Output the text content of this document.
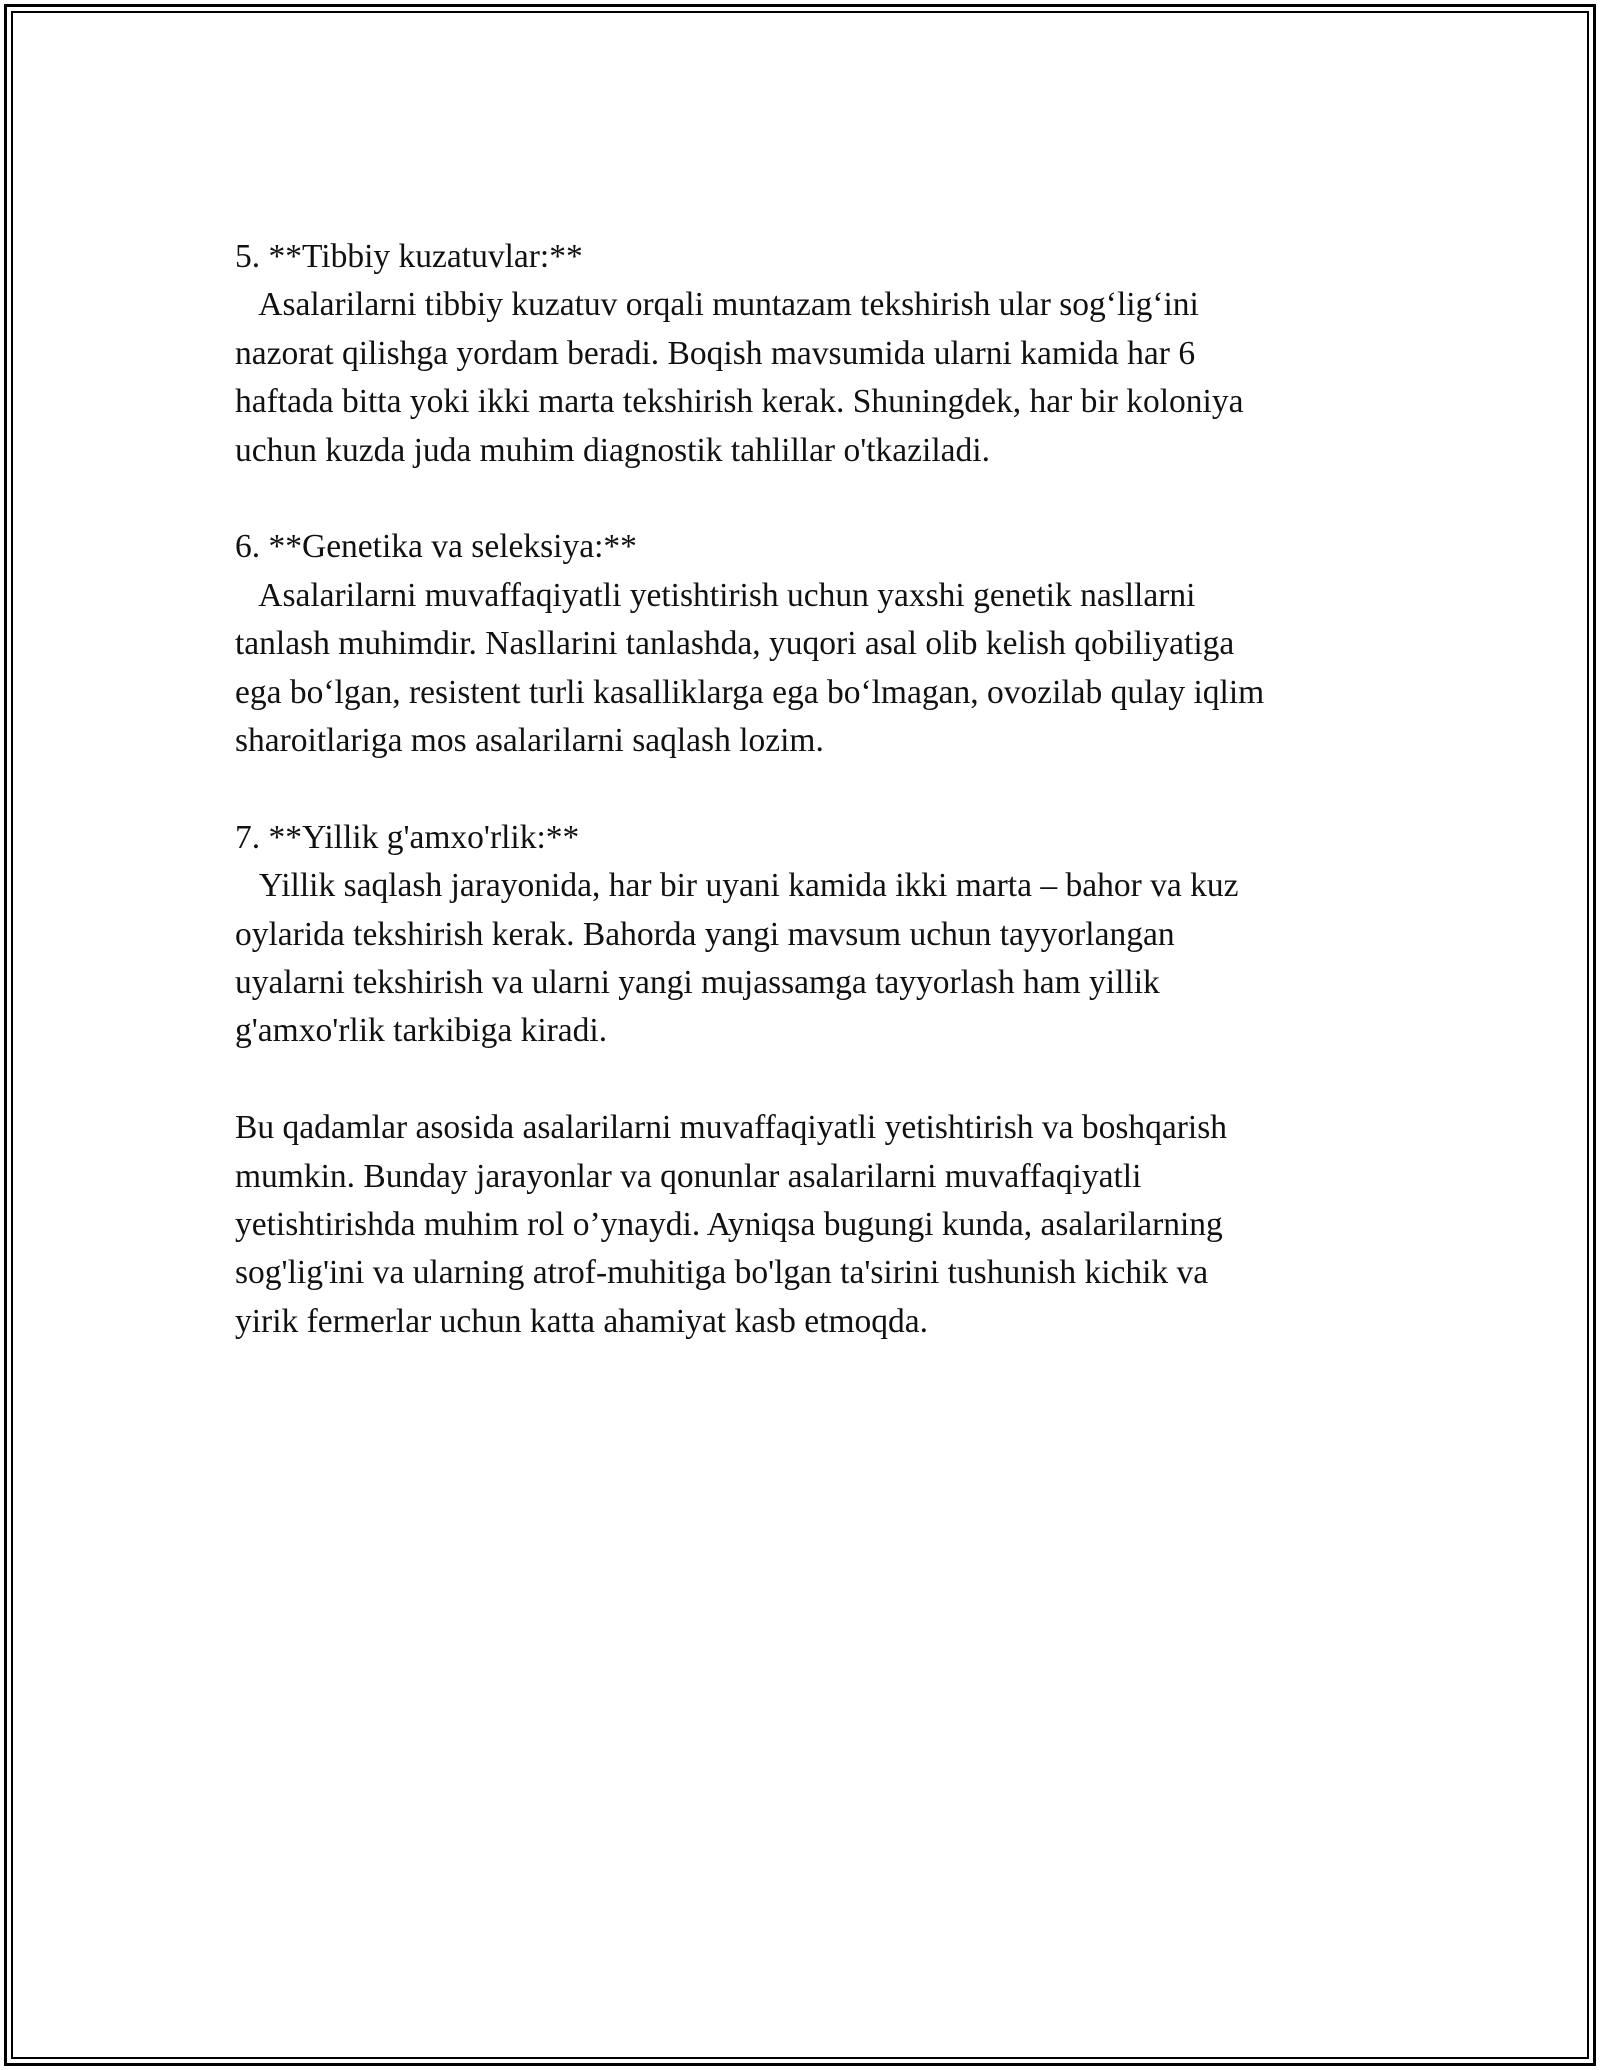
5. **Tibbiy kuzatuvlar:**
Asalarilarni tibbiy kuzatuv orqali muntazam tekshirish ular sog‘lig‘ini
nazorat qilishga yordam beradi. Boqish mavsumida ularni kamida har 6
haftada bitta yoki ikki marta tekshirish kerak. Shuningdek, har bir koloniya
uchun kuzda juda muhim diagnostik tahlillar o'tkaziladi.
6. **Genetika va seleksiya:**
Asalarilarni muvaffaqiyatli yetishtirish uchun yaxshi genetik nasllarni
tanlash muhimdir. Nasllarini tanlashda, yuqori asal olib kelish qobiliyatiga
ega bo‘lgan, resistent turli kasalliklarga ega bo‘lmagan, ovozilab qulay iqlim
sharoitlariga mos asalarilarni saqlash lozim.
7. **Yillik g'amxo'rlik:**
Yillik saqlash jarayonida, har bir uyani kamida ikki marta – bahor va kuz
oylarida tekshirish kerak. Bahorda yangi mavsum uchun tayyorlangan
uyalarni tekshirish va ularni yangi mujassamga tayyorlash ham yillik
g'amxo'rlik tarkibiga kiradi.
Bu qadamlar asosida asalarilarni muvaffaqiyatli yetishtirish va boshqarish
mumkin. Bunday jarayonlar va qonunlar asalarilarni muvaffaqiyatli
yetishtirishda muhim rol o’ynaydi. Ayniqsa bugungi kunda, asalarilarning
sog'lig'ini va ularning atrof-muhitiga bo'lgan ta'sirini tushunish kichik va
yirik fermerlar uchun katta ahamiyat kasb etmoqda.
